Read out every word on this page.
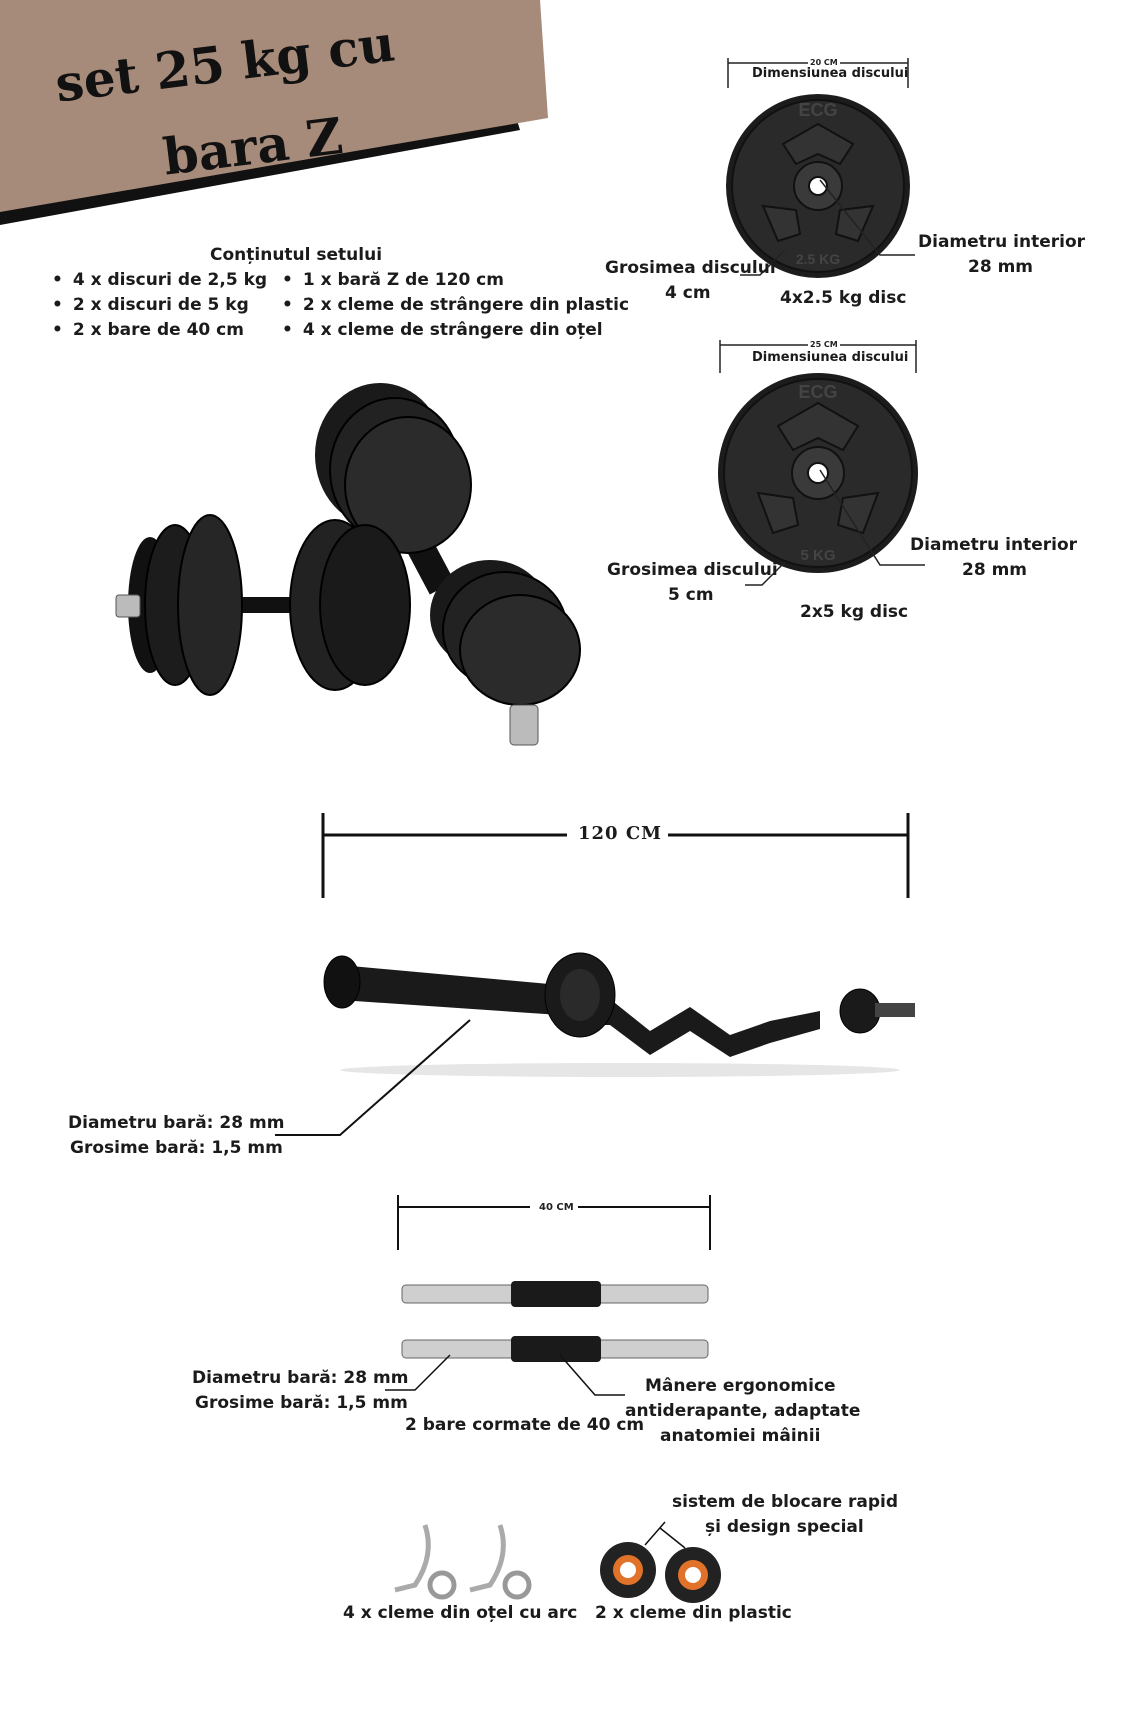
set 25 kg cu
bara Z
Conținutul setului
• 4 x discuri de 2,5 kg
• 2 x discuri de 5 kg
• 2 x bare de 40 cm
• 1 x bară Z de 120 cm
• 2 x cleme de strângere din plastic
• 4 x cleme de strângere din oțel
20 CM
Dimensiunea discului
ECG
2.5 KG
Diametru interior
28 mm
Grosimea discului
4 cm	4x2.5 kg disc
25 CM
Dimensiunea discului
ECG
5 KG
Diametru interior
28 mm
Grosimea discului
5 cm
2x5 kg disc
120 CM
Diametru bară: 28 mm
Grosime bară: 1,5 mm
40 CM
Diametru bară: 28 mm
Grosime bară: 1,5 mm
2 bare cormate de 40 cm
Mânere ergonomice
antiderapante, adaptate
anatomiei mâinii
sistem de blocare rapid
și design special
4 x cleme din oțel cu arc 2 x cleme din plastic
